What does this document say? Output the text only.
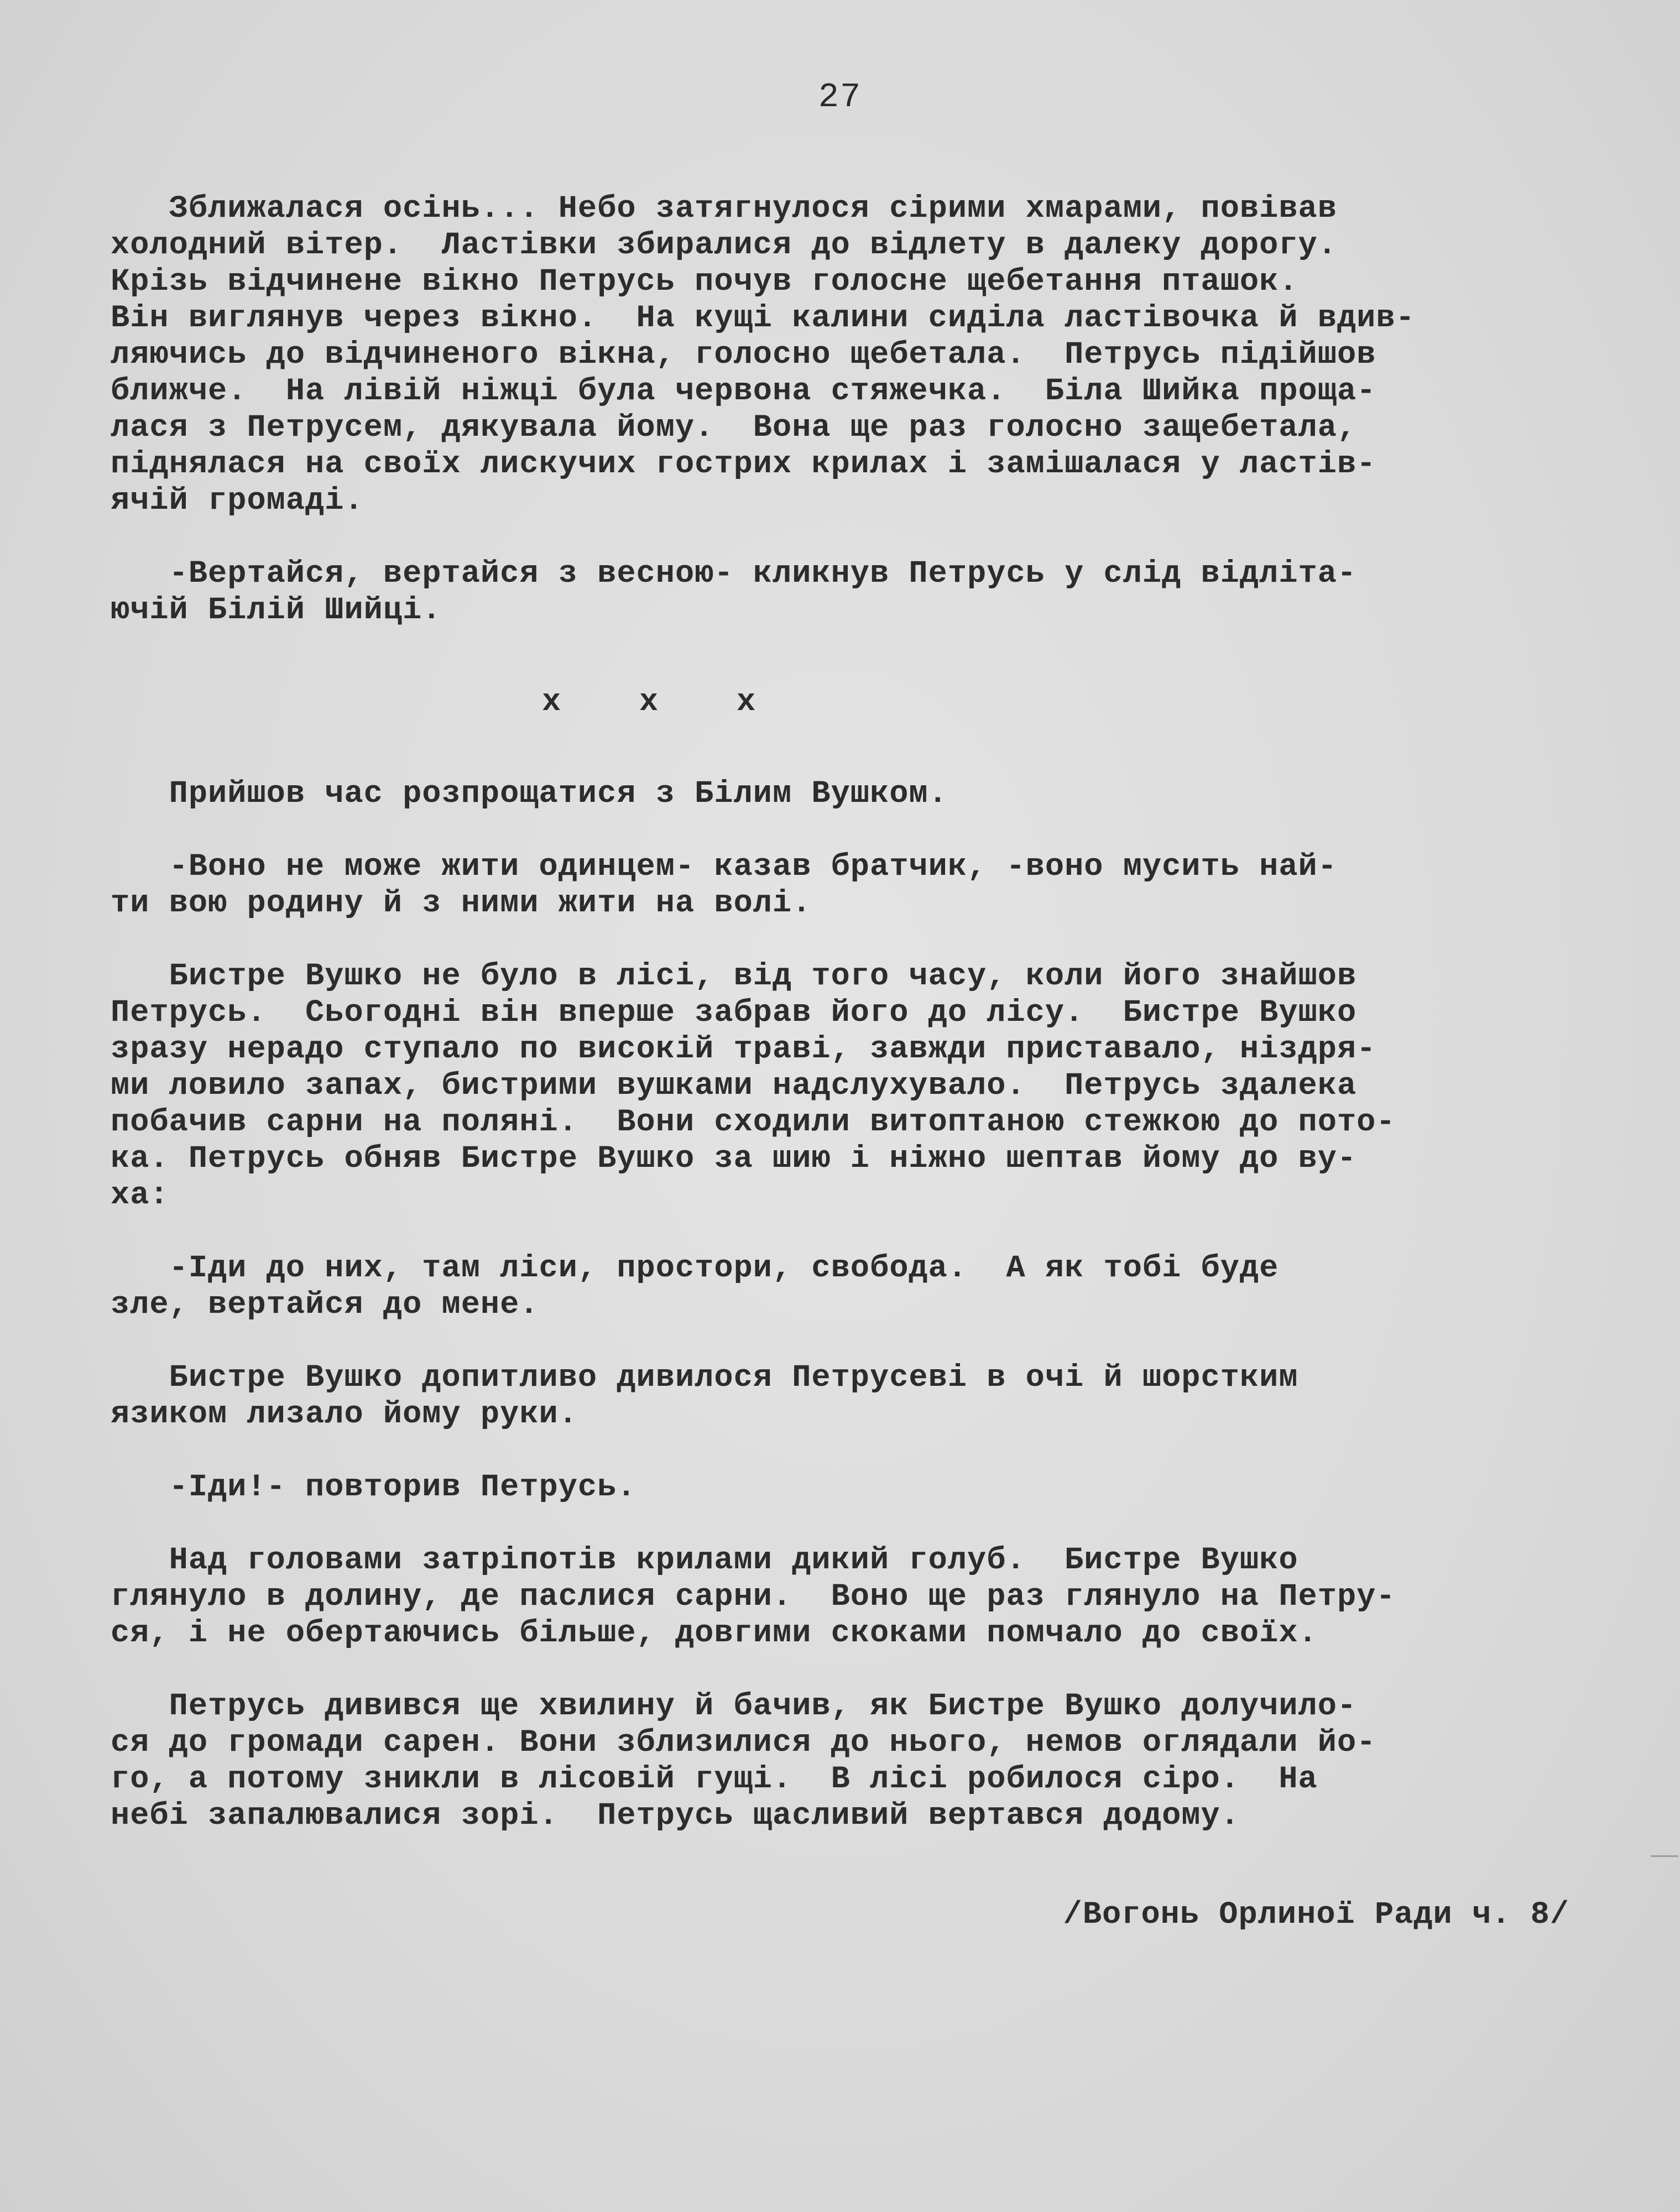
27

Зближалася осінь... Небо затягнулося сірими хмарами, повівав

холодний вітер.  Ластівки збиралися до відлету в далеку дорогу.

Крізь відчинене вікно Петрусь почув голосне щебетання пташок.

Він виглянув через вікно.  На кущі калини сиділа ластівочка й вдив-

ляючись до відчиненого вікна, голосно щебетала.  Петрусь підійшов

ближче.  На лівій ніжці була червона стяжечка.  Біла Шийка проща-

лася з Петрусем, дякувала йому.  Вона ще раз голосно защебетала,

піднялася на своїх лискучих гострих крилах і замішалася у ластів-

ячій громаді.

-Вертайся, вертайся з весною- кликнув Петрусь у слід відліта-

ючій Білій Шийці.

x    x    x

Прийшов час розпрощатися з Білим Вушком.

-Воно не може жити одинцем- казав братчик, -воно мусить най-

ти вою родину й з ними жити на волі.

Бистре Вушко не було в лісі, від того часу, коли його знайшов

Петрусь.  Сьогодні він вперше забрав його до лісу.  Бистре Вушко

зразу нерадо ступало по високій траві, завжди приставало, ніздря-

ми ловило запах, бистрими вушками надслухувало.  Петрусь здалека

побачив сарни на поляні.  Вони сходили витоптаною стежкою до пото-

ка. Петрусь обняв Бистре Вушко за шию і ніжно шептав йому до ву-

ха:

-Іди до них, там ліси, простори, свобода.  А як тобі буде

зле, вертайся до мене.

Бистре Вушко допитливо дивилося Петрусеві в очі й шорстким

язиком лизало йому руки.

-Іди!- повторив Петрусь.

Над головами затріпотів крилами дикий голуб.  Бистре Вушко

глянуло в долину, де паслися сарни.  Воно ще раз глянуло на Петру-

ся, і не обертаючись більше, довгими скоками помчало до своїх.

Петрусь дивився ще хвилину й бачив, як Бистре Вушко долучило-

ся до громади сарен. Вони зблизилися до нього, немов оглядали йо-

го, а потому зникли в лісовій гущі.  В лісі робилося сіро.  На

небі запалювалися зорі.  Петрусь щасливий вертався додому.

/Вогонь Орлиної Ради ч. 8/
